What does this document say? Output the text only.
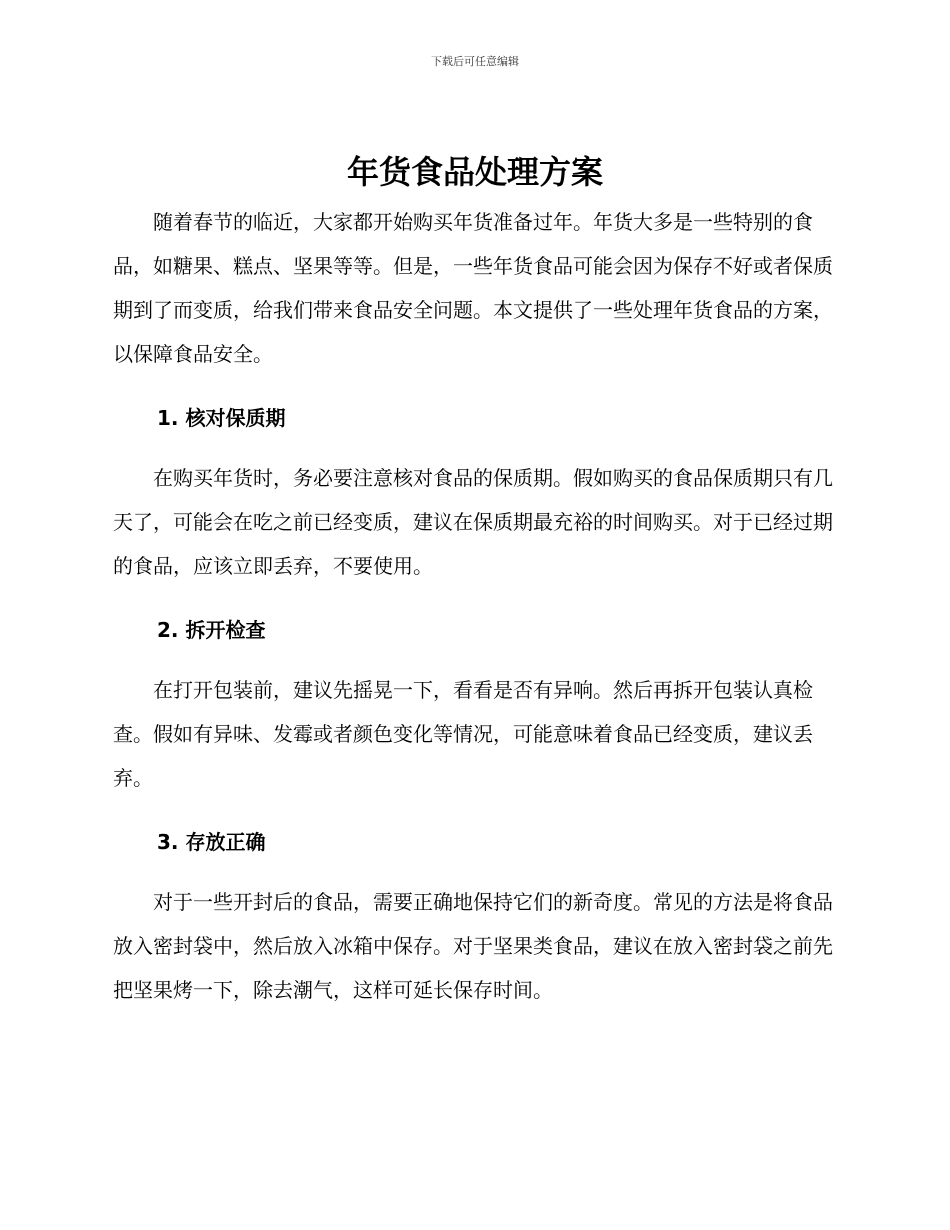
下载后可任意编辑
年货食品处理方案

随着春节的临近，大家都开始购买年货准备过年。年货大多是一些特别的食品，如糖果、糕点、坚果等等。但是，一些年货食品可能会因为保存不好或者保质期到了而变质，给我们带来食品安全问题。本文提供了一些处理年货食品的方案，以保障食品安全。

1. 核对保质期

在购买年货时，务必要注意核对食品的保质期。假如购买的食品保质期只有几天了，可能会在吃之前已经变质，建议在保质期最充裕的时间购买。对于已经过期的食品，应该立即丢弃，不要使用。

2. 拆开检查

在打开包装前，建议先摇晃一下，看看是否有异响。然后再拆开包装认真检查。假如有异味、发霉或者颜色变化等情况，可能意味着食品已经变质，建议丢弃。

3. 存放正确

对于一些开封后的食品，需要正确地保持它们的新奇度。常见的方法是将食品放入密封袋中，然后放入冰箱中保存。对于坚果类食品，建议在放入密封袋之前先把坚果烤一下，除去潮气，这样可延长保存时间。
